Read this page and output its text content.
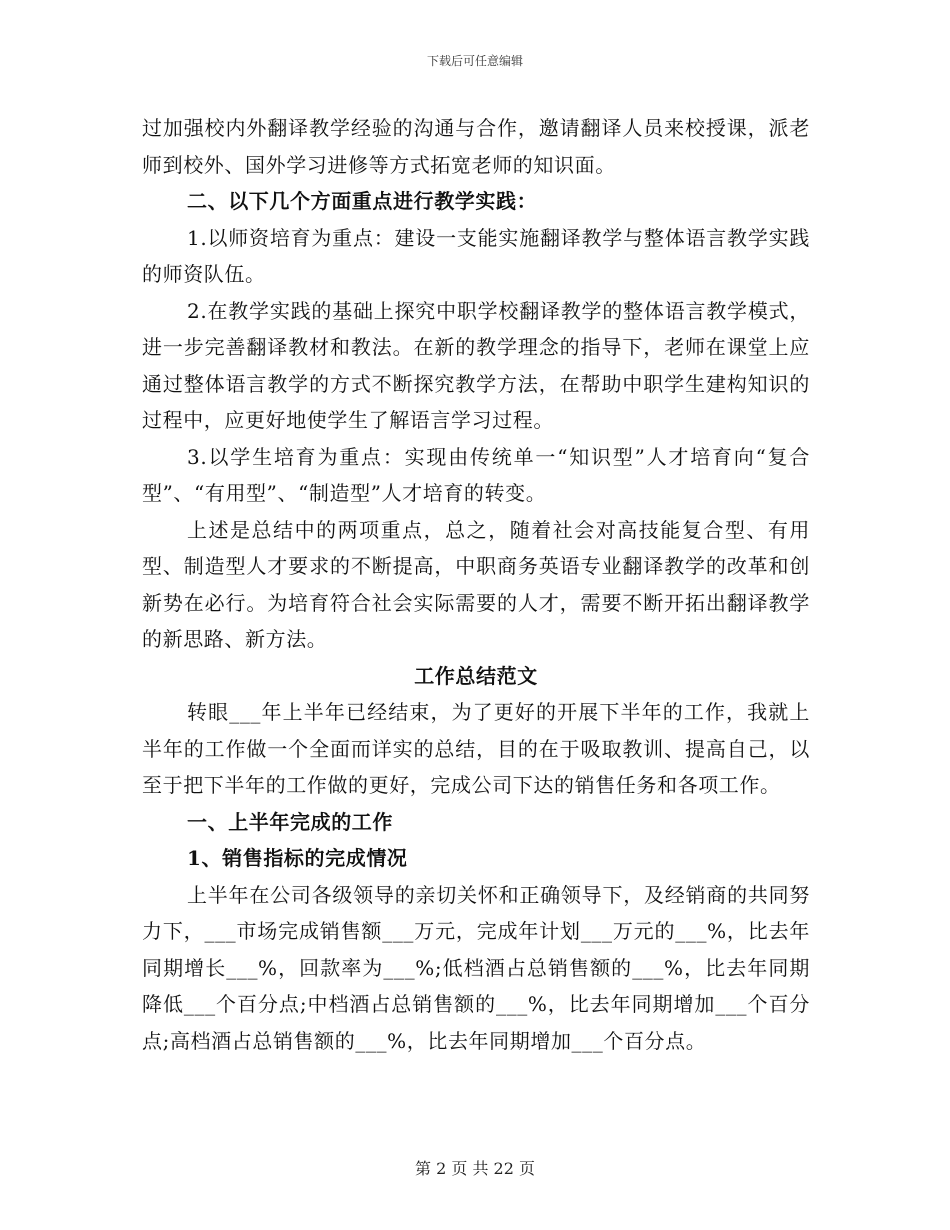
下载后可任意编辑

过加强校内外翻译教学经验的沟通与合作，邀请翻译人员来校授课，派老师到校外、国外学习进修等方式拓宽老师的知识面。

二、以下几个方面重点进行教学实践：

1.以师资培育为重点：建设一支能实施翻译教学与整体语言教学实践的师资队伍。

2.在教学实践的基础上探究中职学校翻译教学的整体语言教学模式，进一步完善翻译教材和教法。在新的教学理念的指导下，老师在课堂上应通过整体语言教学的方式不断探究教学方法，在帮助中职学生建构知识的过程中，应更好地使学生了解语言学习过程。

3.以学生培育为重点：实现由传统单一“知识型”人才培育向“复合型”、“有用型”、“制造型”人才培育的转变。

上述是总结中的两项重点，总之，随着社会对高技能复合型、有用型、制造型人才要求的不断提高，中职商务英语专业翻译教学的改革和创新势在必行。为培育符合社会实际需要的人才，需要不断开拓出翻译教学的新思路、新方法。

工作总结范文

转眼___年上半年已经结束，为了更好的开展下半年的工作，我就上半年的工作做一个全面而详实的总结，目的在于吸取教训、提高自己，以至于把下半年的工作做的更好，完成公司下达的销售任务和各项工作。

一、上半年完成的工作

1、销售指标的完成情况

上半年在公司各级领导的亲切关怀和正确领导下，及经销商的共同努力下，___市场完成销售额___万元，完成年计划___万元的___%，比去年同期增长___%，回款率为___%;低档酒占总销售额的___%，比去年同期降低___个百分点;中档酒占总销售额的___%，比去年同期增加___个百分点;高档酒占总销售额的___%，比去年同期增加___个百分点。

第 2 页 共 22 页
